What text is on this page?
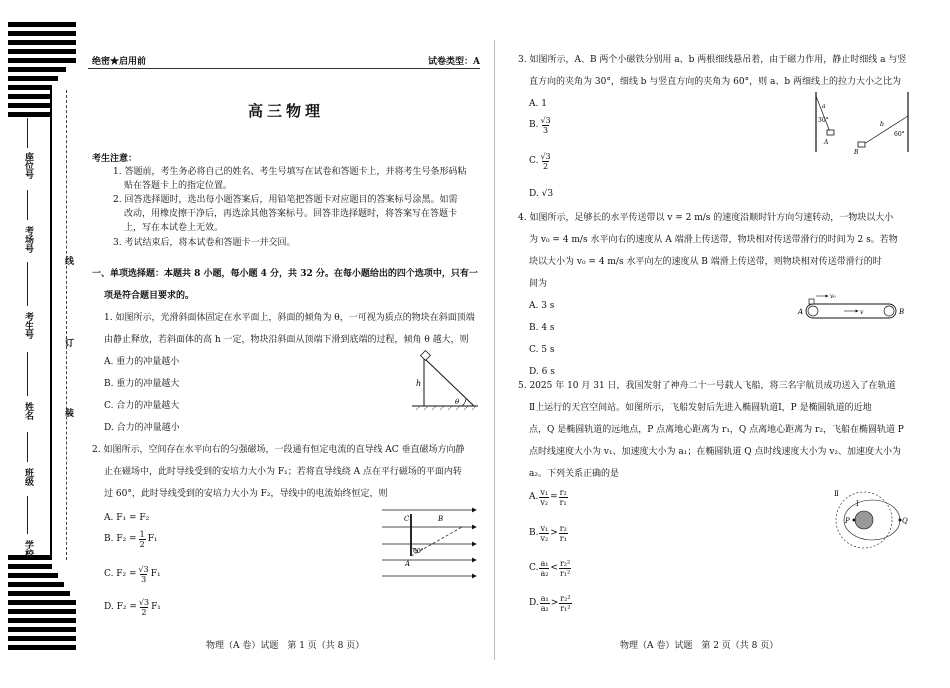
座位号
考场号
考生号
姓名
班级
学校
线
订
装
绝密★启用前	试卷类型：A
高三物理
考生注意：
1. 答题前，考生务必将自己的姓名、考生号填写在试卷和答题卡上，并将考生号条形码粘
贴在答题卡上的指定位置。
2. 回答选择题时，选出每小题答案后，用铅笔把答题卡对应题目的答案标号涂黑。如需
改动，用橡皮擦干净后，再选涂其他答案标号。回答非选择题时，将答案写在答题卡
上，写在本试卷上无效。
3. 考试结束后，将本试卷和答题卡一并交回。
一、单项选择题：本题共 8 小题，每小题 4 分，共 32 分。在每小题给出的四个选项中，只有一
项是符合题目要求的。
1. 如图所示，光滑斜面体固定在水平面上，斜面的倾角为 θ，一可视为质点的物块在斜面顶端
由静止释放，若斜面体的高 h 一定，物块沿斜面从顶端下滑到底端的过程，倾角 θ 越大，则
A. 重力的冲量越小
B. 重力的冲量越大
C. 合力的冲量越大
D. 合力的冲量越小
h
θ
2. 如图所示，空间存在水平向右的匀强磁场，一段通有恒定电流的直导线 AC 垂直磁场方向静
止在磁场中，此时导线受到的安培力大小为 F₁；若将直导线绕 A 点在平行磁场的平面内转
过 60°，此时导线受到的安培力大小为 F₂，导线中的电流始终恒定，则
A. F₁ = F₂
B. $F_2 = \frac{1}{2} F_1$
C. $F_2 = \frac{√3}{3} F_1$
D. $F_2 = \frac{√3}{2} F_1$
C	B
A
60°
物理（A 卷）试题　第 1 页（共 8 页）
3. 如图所示，A、B 两个小磁铁分别用 a、b 两根细线悬吊着，由于磁力作用，静止时细线 a 与竖
直方向的夹角为 30°，细线 b 与竖直方向的夹角为 60°，则 a、b 两细线上的拉力大小之比为
A. 1
B. √3
3
C. √3
2
D. √3
a
b
A
B
30°
60°
4. 如图所示，足够长的水平传送带以 v = 2 m/s 的速度沿顺时针方向匀速转动，一物块以大小
为 v₀ = 4 m/s 水平向右的速度从 A 端滑上传送带，物块相对传送带滑行的时间为 2 s。若物
块以大小为 v₀ = 4 m/s 水平向左的速度从 B 端滑上传送带，则物块相对传送带滑行的时
间为
A. 3 s
B. 4 s
C. 5 s
D. 6 s
v₀
v
A	B
5. 2025 年 10 月 31 日，我国发射了神舟二十一号载人飞船，将三名宇航员成功送入了在轨道
Ⅱ上运行的天宫空间站。如图所示，飞船发射后先进入椭圆轨道Ⅰ，P 是椭圆轨道的近地
点，Q 是椭圆轨道的远地点，P 点离地心距离为 r₁，Q 点离地心距离为 r₂，飞船在椭圆轨道 P
点时线速度大小为 v₁、加速度大小为 a₁；在椭圆轨道 Q 点时线速度大小为 v₂、加速度大小为
a₂。下列关系正确的是
A. $\frac{\text{v₁}}{\text{v₂}} = \frac{\text{r₂}}{\text{r₁}}$
B. v₁
v₂
> r₂
r₁
C. a₁
a₂
< r₂²
r₁²
D. a₁
a₂
> r₂²
r₁²
Ⅱ
Ⅰ
P	Q
物理（A 卷）试题　第 2 页（共 8 页）
